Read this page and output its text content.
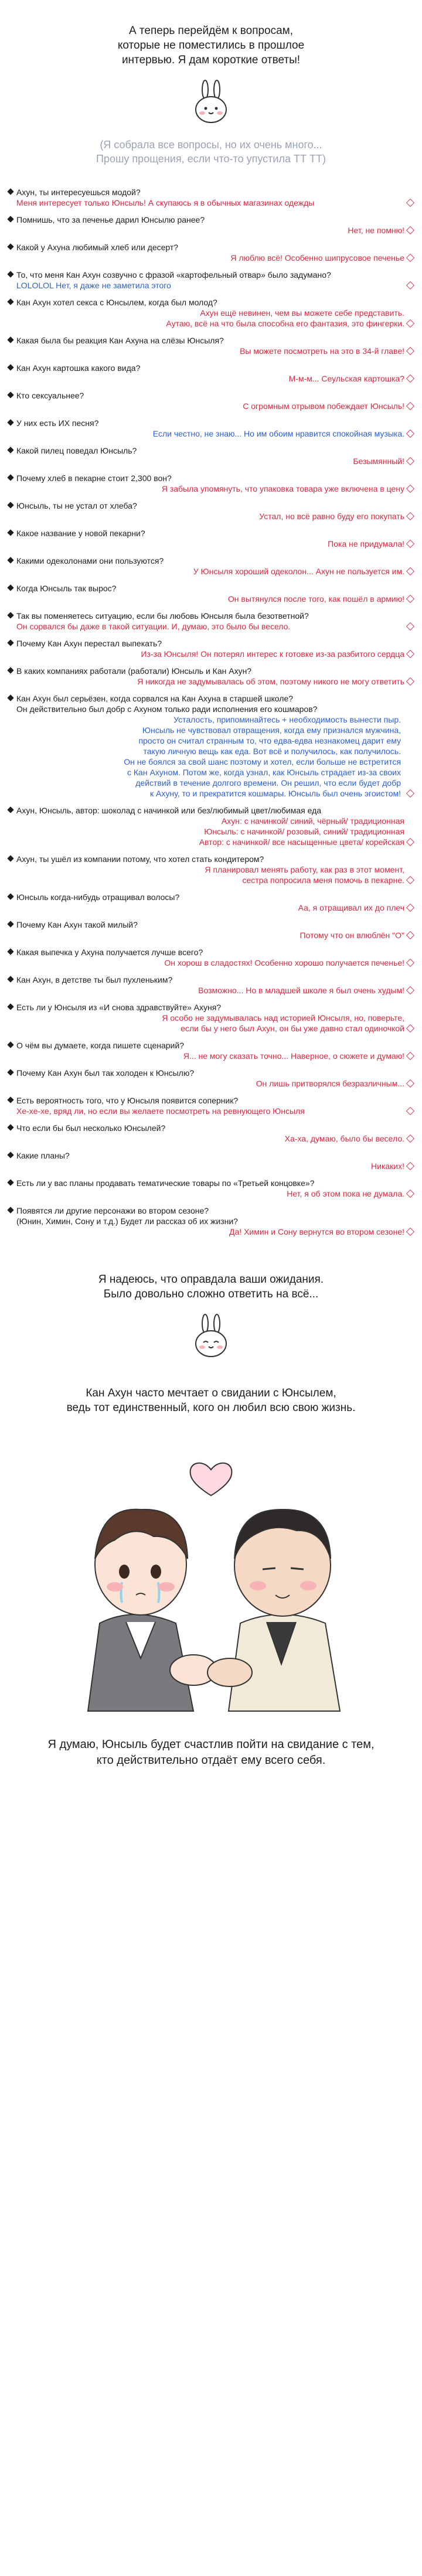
А теперь перейдём к вопросам,
которые не поместились в прошлое
интервью. Я дам короткие ответы!
(Я собрала все вопросы, но их очень много...
Прошу прощения, если что-то упустила ТТ ТТ)
Ахун, ты интересуешься модой?
Меня интересует только Юнсыль! А скупаюсь я в обычных магазинах одежды
Помнишь, что за печенье дарил Юнсылю ранее?
Нет, не помню!
Какой у Ахуна любимый хлеб или десерт?
Я люблю всё! Особенно шипрусовое печенье
То, что меня Кан Ахун созвучно с фразой «картофельный отвар» было задумано?
LOLOLOL Нет, я даже не заметила этого
Кан Ахун хотел секса с Юнсылем, когда был молод?
Ахун ещё невинен, чем вы можете себе представить.
Аутаю, всё на что была способна его фантазия, это фингерки.
Какая была бы реакция Кан Ахуна на слёзы Юнсыля?
Вы можете посмотреть на это в 34-й главе!
Кан Ахун картошка какого вида?
М-м-м... Сеульская картошка?
Кто сексуальнее?
С огромным отрывом побеждает Юнсыль!
У них есть ИХ песня?
Если честно, не знаю... Но им обоим нравится спокойная музыка.
Какой пилец поведал Юнсыль?
Безымянный!
Почему хлеб в пекарне стоит 2,300 вон?
Я забыла упомянуть, что упаковка товара уже включена в цену
Юнсыль, ты не устал от хлеба?
Устал, но всё равно буду его покупать
Какое название у новой пекарни?
Пока не придумала!
Какими одеколонами они пользуются?
У Юнсыля хороший одеколон... Ахун не пользуется им.
Когда Юнсыль так вырос?
Он вытянулся после того, как пошёл в армию!
Так вы поменяетесь ситуацию, если бы любовь Юнсыля была безответной?
Он сорвался бы даже в такой ситуации. И, думаю, это было бы весело.
Почему Кан Ахун перестал выпекать?
Из-за Юнсыля! Он потерял интерес к готовке из-за разбитого сердца
В каких компаниях работали (работали) Юнсыль и Кан Ахун?
Я никогда не задумывалась об этом, поэтому никого не могу ответить
Кан Ахун был серьёзен, когда сорвался на Кан Ахуна в старшей школе?
Он действительно был добр с Ахуном только ради исполнения его кошмаров?
Усталость, припоминайтесь + необходимость вынести пыр.
Юнсыль не чувствовал отвращения, когда ему признался мужчина,
просто он считал странным то, что едва-едва незнакомец дарит ему
такую личную вещь как еда. Вот всё и получилось, как получилось.
Он не боялся за свой шанс поэтому и хотел, если больше не встретится
с Кан Ахуном. Потом же, когда узнал, как Юнсыль страдает из-за своих
действий в течение долгого времени. Он решил, что если будет добр
к Ахуну, то и прекратится кошмары. Юнсыль был очень эгоистом!
Ахун, Юнсыль, автор: шоколад с начинкой или без/любимый цвет/любимая еда
Ахун: с начинкой/ синий, чёрный/ традиционная
Юнсыль: с начинкой/ розовый, синий/ традиционная
Автор: с начинкой/ все насыщенные цвета/ корейская
Ахун, ты ушёл из компании потому, что хотел стать кондитером?
Я планировал менять работу, как раз в этот момент,
сестра попросила меня помочь в пекарне.
Юнсыль когда-нибудь отращивал волосы?
Аа, я отращивал их до плеч
Почему Кан Ахун такой милый?
Потому что он влюблён "О"
Какая выпечка у Ахуна получается лучше всего?
Он хорош в сладостях! Особенно хорошо получается печенье!
Кан Ахун, в детстве ты был пухленьким?
Возможно... Но в младшей школе я был очень худым!
Есть ли у Юнсыля из «И снова здравствуйте» Ахуня?
Я особо не задумывалась над историей Юнсыля, но, поверьте,
если бы у него был Ахун, он бы уже давно стал одиночкой
О чём вы думаете, когда пишете сценарий?
Я... не могу сказать точно... Наверное, о сюжете и думаю!
Почему Кан Ахун был так холоден к Юнсылю?
Он лишь притворялся безразличным...
Есть вероятность того, что у Юнсыля появится соперник?
Хе-хе-хе, вряд ли, но если вы желаете посмотреть на ревнующего Юнсыля
Что если бы был несколько Юнсылей?
Ха-ха, думаю, было бы весело.
Какие планы?
Никаких!
Есть ли у вас планы продавать тематические товары по «Третьей концовке»?
Нет, я об этом пока не думала.
Появятся ли другие персонажи во втором сезоне?
(Юнин, Химин, Сону и т.д.) Будет ли рассказ об их жизни?
Да! Химин и Сону вернутся во втором сезоне!
Я надеюсь, что оправдала ваши ожидания.
Было довольно сложно ответить на всё...
Кан Ахун часто мечтает о свидании с Юнсылем,
ведь тот единственный, кого он любил всю свою жизнь.
Я думаю, Юнсыль будет счастлив пойти на свидание с тем,
кто действительно отдаёт ему всего себя.
